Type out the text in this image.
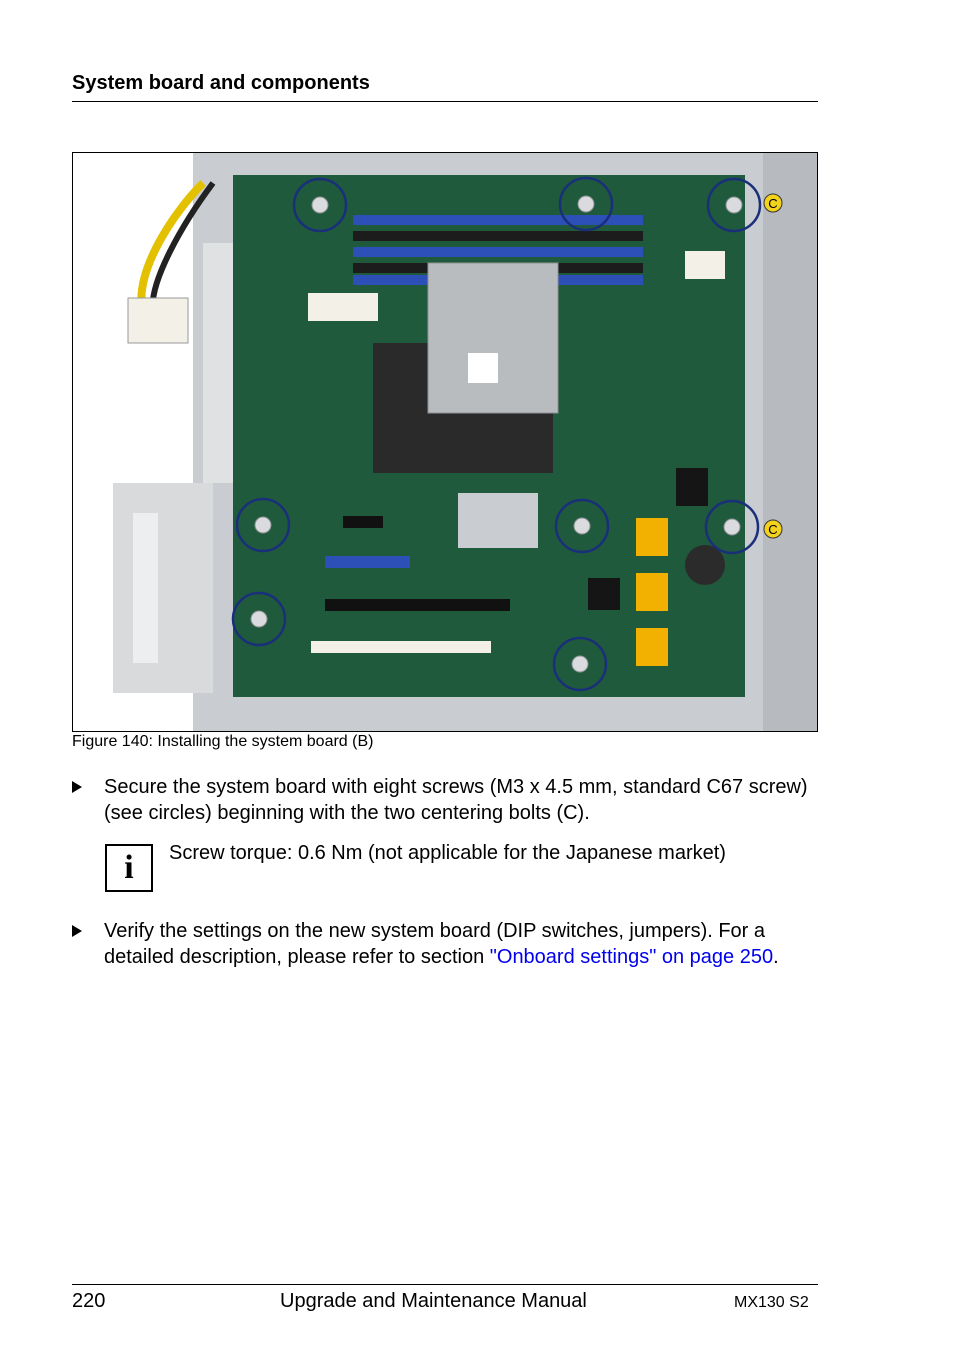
System board and components
C
C
Figure 140: Installing the system board (B)
Secure the system board with eight screws (M3 x 4.5 mm, standard C67 screw) (see circles) beginning with the two centering bolts (C).
i	Screw torque: 0.6 Nm (not applicable for the Japanese market)
Verify the settings on the new system board (DIP switches, jumpers). For a detailed description, please refer to section "Onboard settings" on page 250.
220	Upgrade and Maintenance Manual	MX130 S2
